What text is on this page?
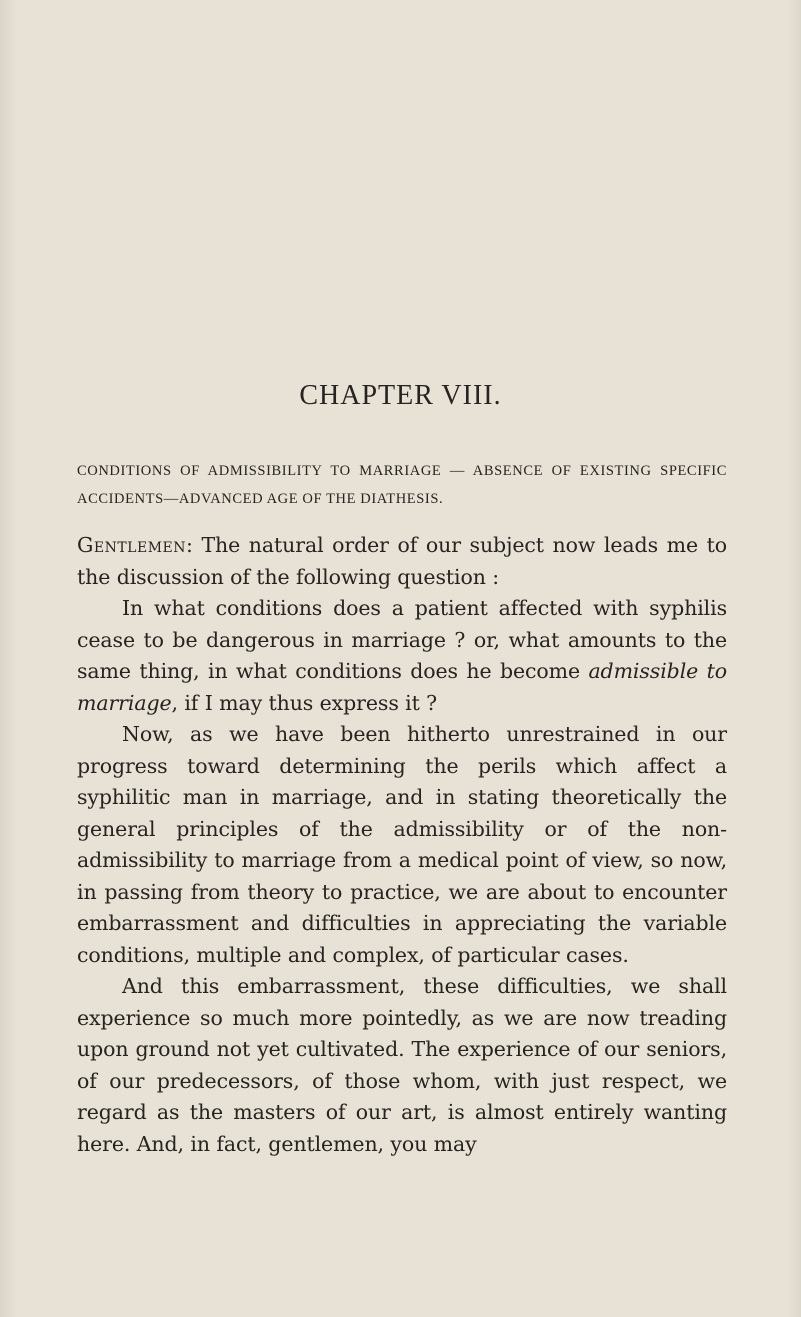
CHAPTER VIII.

CONDITIONS OF ADMISSIBILITY TO MARRIAGE — ABSENCE OF EXISTING SPECIFIC ACCIDENTS—ADVANCED AGE OF THE DIATHESIS.

Gentlemen: The natural order of our subject now leads me to the discussion of the following question :

In what conditions does a patient affected with syphilis cease to be dangerous in marriage ? or, what amounts to the same thing, in what conditions does he become admissible to marriage, if I may thus express it ?

Now, as we have been hitherto unrestrained in our progress toward determining the perils which affect a syphilitic man in marriage, and in stating theoretically the general principles of the admissibility or of the non-admissibility to marriage from a medical point of view, so now, in passing from theory to practice, we are about to encounter embarrassment and difficulties in appreciating the variable conditions, multiple and complex, of particular cases.

And this embarrassment, these difficulties, we shall experience so much more pointedly, as we are now treading upon ground not yet cultivated. The experience of our seniors, of our predecessors, of those whom, with just respect, we regard as the masters of our art, is almost entirely wanting here. And, in fact, gentlemen, you may
